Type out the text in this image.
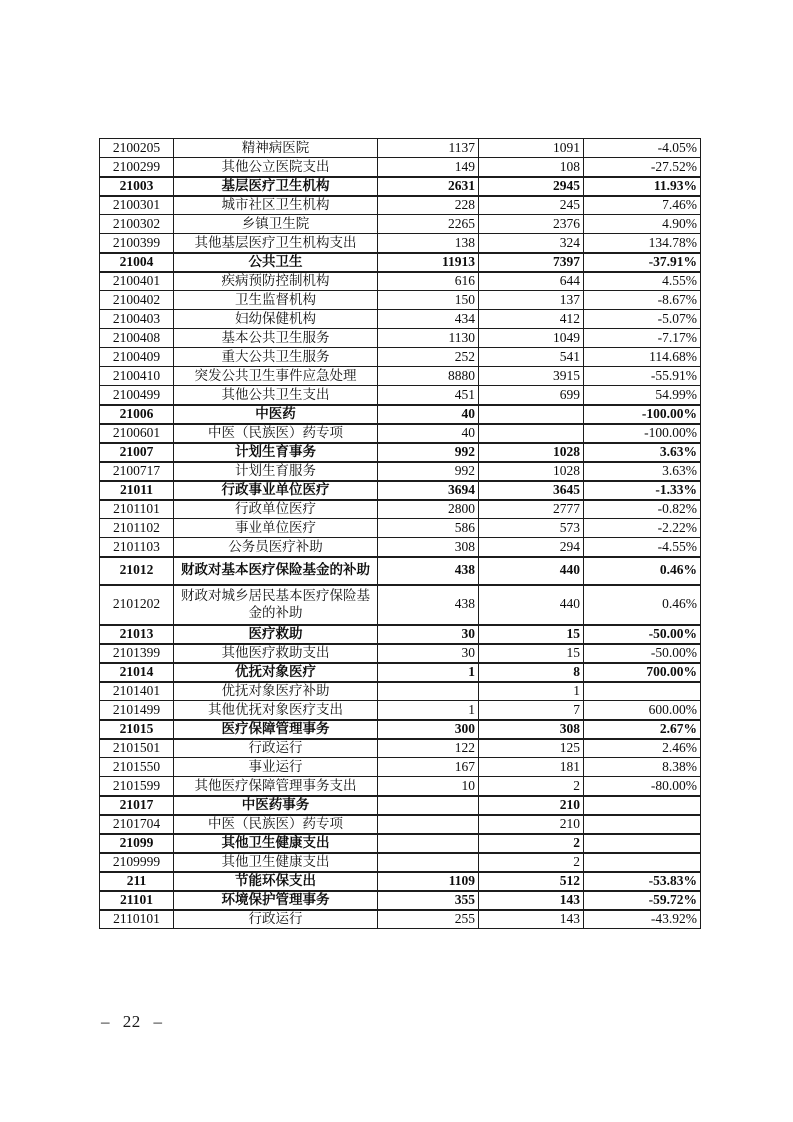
2100205	精神病医院	1137	1091	-4.05%
2100299	其他公立医院支出	149	108	-27.52%
21003	基层医疗卫生机构	2631	2945	11.93%
2100301	城市社区卫生机构	228	245	7.46%
2100302	乡镇卫生院	2265	2376	4.90%
2100399	其他基层医疗卫生机构支出	138	324	134.78%
21004	公共卫生	11913	7397	-37.91%
2100401	疾病预防控制机构	616	644	4.55%
2100402	卫生监督机构	150	137	-8.67%
2100403	妇幼保健机构	434	412	-5.07%
2100408	基本公共卫生服务	1130	1049	-7.17%
2100409	重大公共卫生服务	252	541	114.68%
2100410	突发公共卫生事件应急处理	8880	3915	-55.91%
2100499	其他公共卫生支出	451	699	54.99%
21006	中医药	40		-100.00%
2100601	中医（民族医）药专项	40		-100.00%
21007	计划生育事务	992	1028	3.63%
2100717	计划生育服务	992	1028	3.63%
21011	行政事业单位医疗	3694	3645	-1.33%
2101101	行政单位医疗	2800	2777	-0.82%
2101102	事业单位医疗	586	573	-2.22%
2101103	公务员医疗补助	308	294	-4.55%
21012	财政对基本医疗保险基金的补助	438	440	0.46%
2101202	财政对城乡居民基本医疗保险基金的补助	438	440	0.46%
21013	医疗救助	30	15	-50.00%
2101399	其他医疗救助支出	30	15	-50.00%
21014	优抚对象医疗	1	8	700.00%
2101401	优抚对象医疗补助		1	
2101499	其他优抚对象医疗支出	1	7	600.00%
21015	医疗保障管理事务	300	308	2.67%
2101501	行政运行	122	125	2.46%
2101550	事业运行	167	181	8.38%
2101599	其他医疗保障管理事务支出	10	2	-80.00%
21017	中医药事务		210	
2101704	中医（民族医）药专项		210	
21099	其他卫生健康支出		2	
2109999	其他卫生健康支出		2	
211	节能环保支出	1109	512	-53.83%
21101	环境保护管理事务	355	143	-59.72%
2110101	行政运行	255	143	-43.92%
– 22 –
